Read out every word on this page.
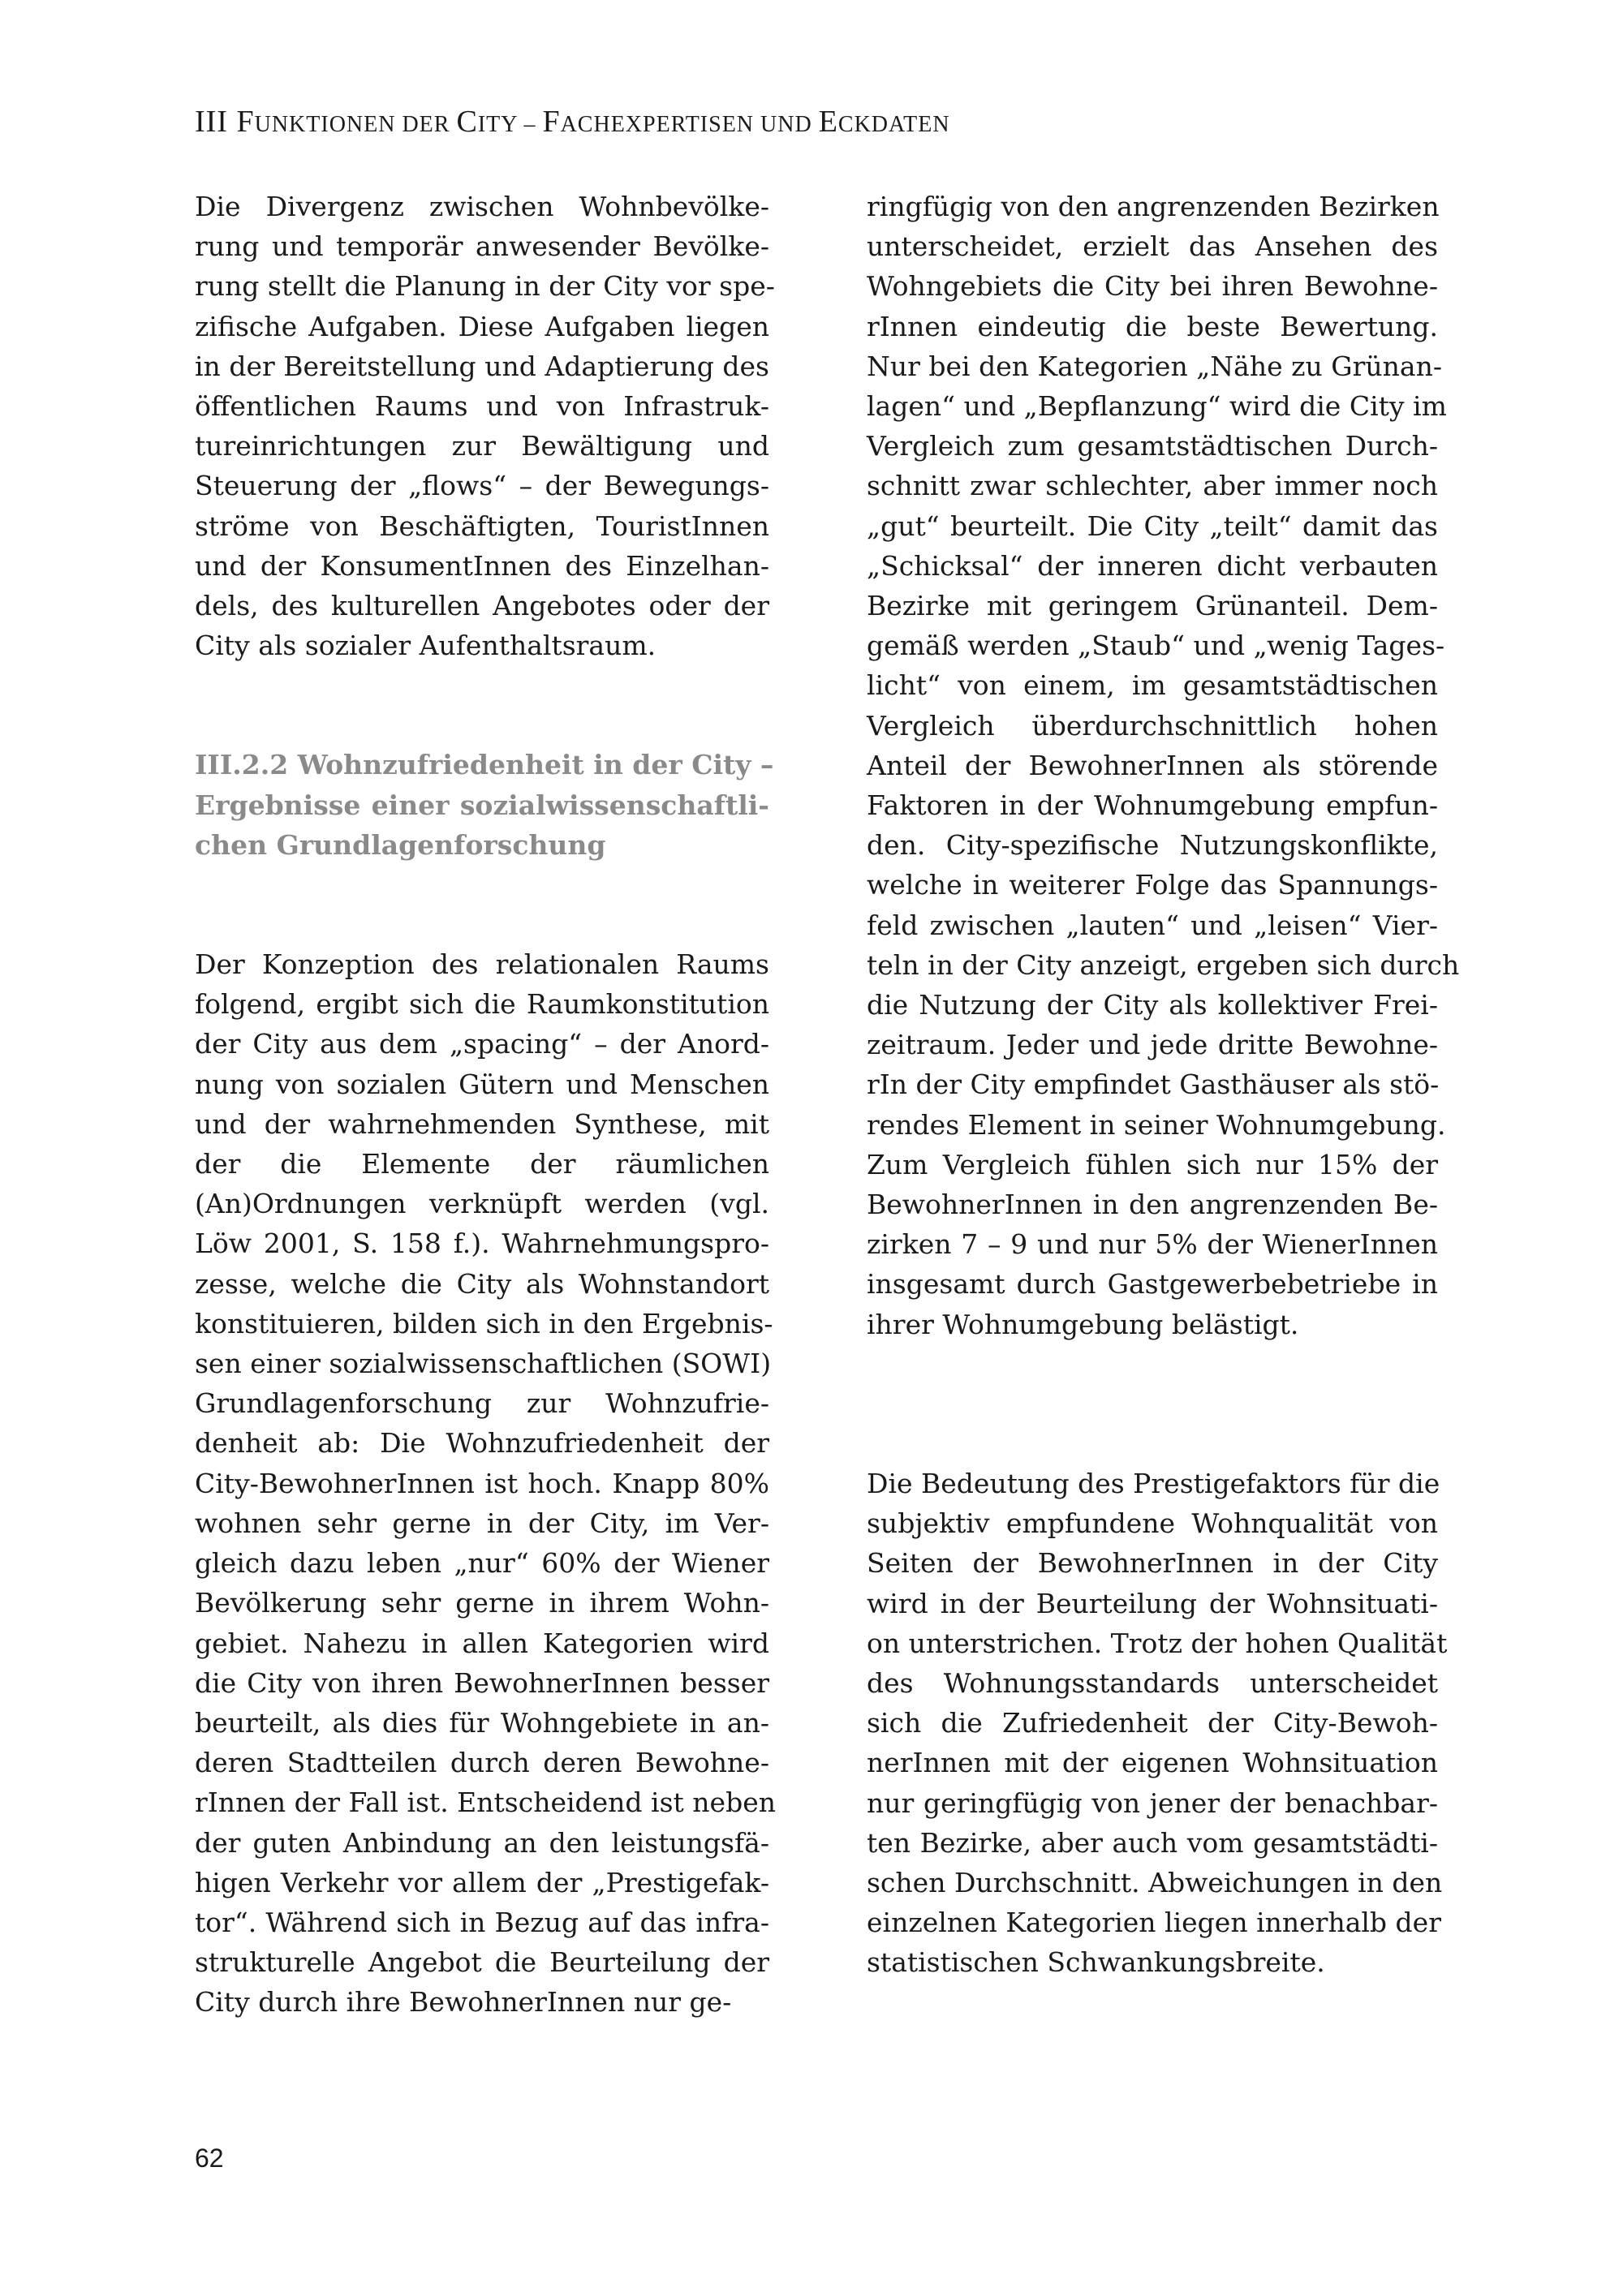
III FUNKTIONEN DER CITY – FACHEXPERTISEN UND ECKDATEN

Die Divergenz zwischen Wohnbevölke-
rung und temporär anwesender Bevölke-
rung stellt die Planung in der City vor spe-
zifische Aufgaben. Diese Aufgaben liegen
in der Bereitstellung und Adaptierung des
öffentlichen Raums und von Infrastruk-
tureinrichtungen zur Bewältigung und
Steuerung der „flows“ – der Bewegungs-
ströme von Beschäftigten, TouristInnen
und der KonsumentInnen des Einzelhan-
dels, des kulturellen Angebotes oder der
City als sozialer Aufenthaltsraum.

III.2.2 Wohnzufriedenheit in der City –
Ergebnisse einer sozialwissenschaftli-
chen Grundlagenforschung

Der Konzeption des relationalen Raums
folgend, ergibt sich die Raumkonstitution
der City aus dem „spacing“ – der Anord-
nung von sozialen Gütern und Menschen
und der wahrnehmenden Synthese, mit
der die Elemente der räumlichen
(An)Ordnungen verknüpft werden (vgl.
Löw 2001, S. 158 f.). Wahrnehmungspro-
zesse, welche die City als Wohnstandort
konstituieren, bilden sich in den Ergebnis-
sen einer sozialwissenschaftlichen (SOWI)
Grundlagenforschung zur Wohnzufrie-
denheit ab: Die Wohnzufriedenheit der
City-BewohnerInnen ist hoch. Knapp 80%
wohnen sehr gerne in der City, im Ver-
gleich dazu leben „nur“ 60% der Wiener
Bevölkerung sehr gerne in ihrem Wohn-
gebiet. Nahezu in allen Kategorien wird
die City von ihren BewohnerInnen besser
beurteilt, als dies für Wohngebiete in an-
deren Stadtteilen durch deren Bewohne-
rInnen der Fall ist. Entscheidend ist neben
der guten Anbindung an den leistungsfä-
higen Verkehr vor allem der „Prestigefak-
tor“. Während sich in Bezug auf das infra-
strukturelle Angebot die Beurteilung der
City durch ihre BewohnerInnen nur ge-

ringfügig von den angrenzenden Bezirken
unterscheidet, erzielt das Ansehen des
Wohngebiets die City bei ihren Bewohne-
rInnen eindeutig die beste Bewertung.
Nur bei den Kategorien „Nähe zu Grünan-
lagen“ und „Bepflanzung“ wird die City im
Vergleich zum gesamtstädtischen Durch-
schnitt zwar schlechter, aber immer noch
„gut“ beurteilt. Die City „teilt“ damit das
„Schicksal“ der inneren dicht verbauten
Bezirke mit geringem Grünanteil. Dem-
gemäß werden „Staub“ und „wenig Tages-
licht“ von einem, im gesamtstädtischen
Vergleich überdurchschnittlich hohen
Anteil der BewohnerInnen als störende
Faktoren in der Wohnumgebung empfun-
den. City-spezifische Nutzungskonflikte,
welche in weiterer Folge das Spannungs-
feld zwischen „lauten“ und „leisen“ Vier-
teln in der City anzeigt, ergeben sich durch
die Nutzung der City als kollektiver Frei-
zeitraum. Jeder und jede dritte Bewohne-
rIn der City empfindet Gasthäuser als stö-
rendes Element in seiner Wohnumgebung.
Zum Vergleich fühlen sich nur 15% der
BewohnerInnen in den angrenzenden Be-
zirken 7 – 9 und nur 5% der WienerInnen
insgesamt durch Gastgewerbebetriebe in
ihrer Wohnumgebung belästigt.

Die Bedeutung des Prestigefaktors für die
subjektiv empfundene Wohnqualität von
Seiten der BewohnerInnen in der City
wird in der Beurteilung der Wohnsituati-
on unterstrichen. Trotz der hohen Qualität
des Wohnungsstandards unterscheidet
sich die Zufriedenheit der City-Bewoh-
nerInnen mit der eigenen Wohnsituation
nur geringfügig von jener der benachbar-
ten Bezirke, aber auch vom gesamtstädti-
schen Durchschnitt. Abweichungen in den
einzelnen Kategorien liegen innerhalb der
statistischen Schwankungsbreite.

62
